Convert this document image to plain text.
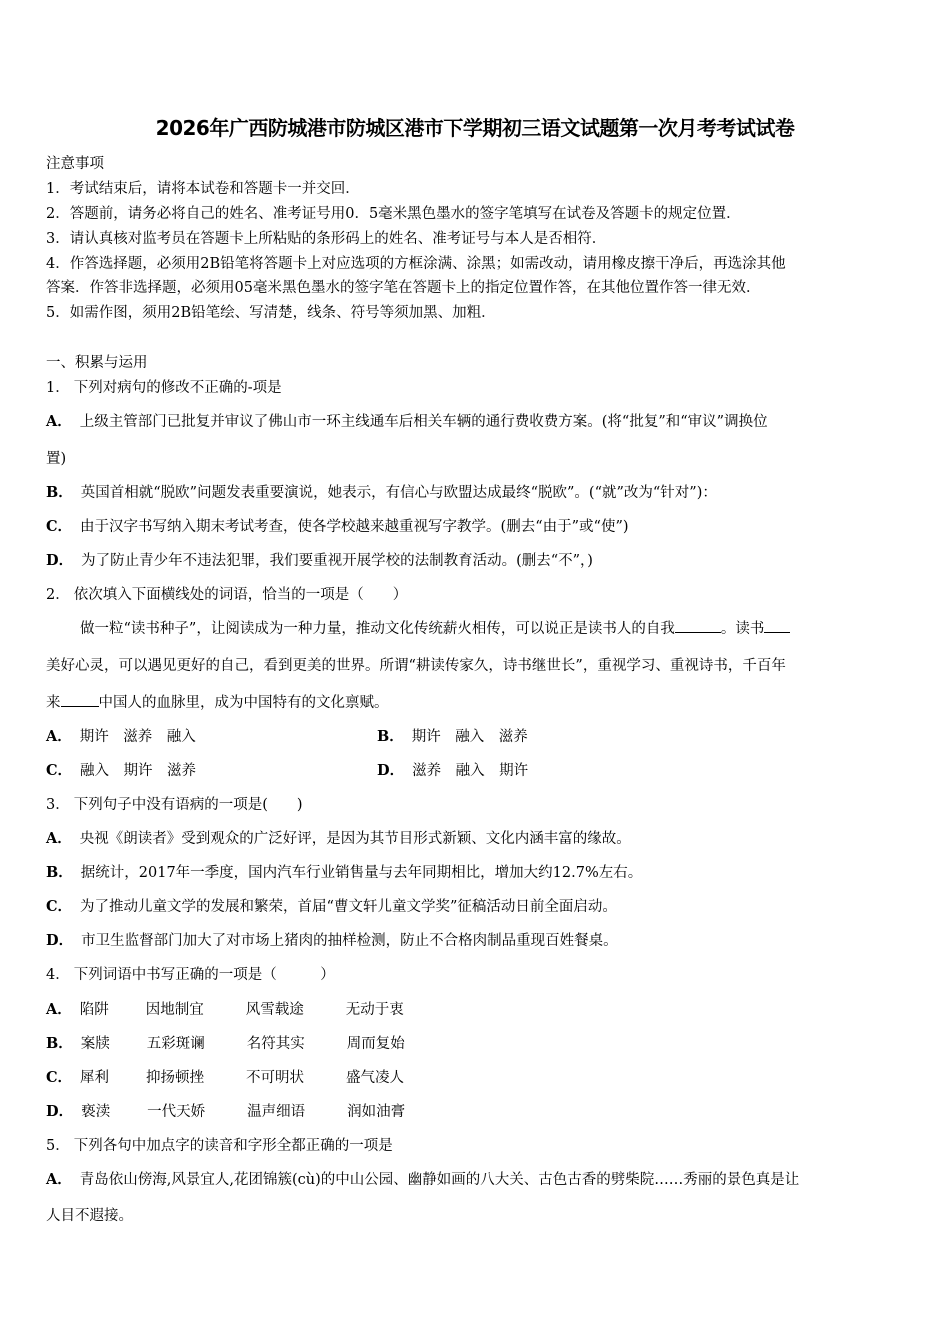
2026年广西防城港市防城区港市下学期初三语文试题第一次月考考试试卷
注意事项
1．考试结束后，请将本试卷和答题卡一并交回．
2．答题前，请务必将自己的姓名、准考证号用0．5毫米黑色墨水的签字笔填写在试卷及答题卡的规定位置．
3．请认真核对监考员在答题卡上所粘贴的条形码上的姓名、准考证号与本人是否相符．
4．作答选择题，必须用2B铅笔将答题卡上对应选项的方框涂满、涂黑；如需改动，请用橡皮擦干净后，再选涂其他
答案．作答非选择题，必须用05毫米黑色墨水的签字笔在答题卡上的指定位置作答，在其他位置作答一律无效．
5．如需作图，须用2B铅笔绘、写清楚，线条、符号等须加黑、加粗．
一、积累与运用
1． 下列对病句的修改不正确的-项是
A． 上级主管部门已批复并审议了佛山市一环主线通车后相关车辆的通行费收费方案。(将“批复”和“审议”调换位
置)
B． 英国首相就“脱欧”问题发表重要演说，她表示，有信心与欧盟达成最终“脱欧”。(“就”改为“针对”)：
C． 由于汉字书写纳入期末考试考查，使各学校越来越重视写字教学。(删去“由于”或“使”)
D． 为了防止青少年不违法犯罪，我们要重视开展学校的法制教育活动。(删去“不”，)
2． 依次填入下面横线处的词语，恰当的一项是（　　）
做一粒“读书种子”，让阅读成为一种力量，推动文化传统薪火相传，可以说正是读书人的自我	。读书
美好心灵，可以遇见更好的自己，看到更美的世界。所谓“耕读传家久，诗书继世长”，重视学习、重视诗书，千百年
来	中国人的血脉里，成为中国特有的文化禀赋。
A． 期许　滋养　融入	B． 期许　融入　滋养
C． 融入　期许　滋养	D． 滋养　融入　期许
3． 下列句子中没有语病的一项是(　　)
A． 央视《朗读者》受到观众的广泛好评，是因为其节目形式新颖、文化内涵丰富的缘故。
B． 据统计，2017年一季度，国内汽车行业销售量与去年同期相比，增加大约12.7%左右。
C． 为了推动儿童文学的发展和繁荣，首届“曹文轩儿童文学奖”征稿活动日前全面启动。
D． 市卫生监督部门加大了对市场上猪肉的抽样检测，防止不合格肉制品重现百姓餐桌。
4． 下列词语中书写正确的一项是（　　　）
A． 陷阱	因地制宜	风雪载途	无动于衷
B． 案牍	五彩斑谰	名符其实	周而复始
C． 犀利	抑扬顿挫	不可明状	盛气凌人
D． 亵渎	一代天娇	温声细语	润如油膏
5． 下列各句中加点字的读音和字形全都正确的一项是
A． 青岛依山傍海,风景宜人,花团锦簇(cù)的中山公园、幽静如画的八大关、古色古香的劈柴院……秀丽的景色真是让
人目不遐接。
